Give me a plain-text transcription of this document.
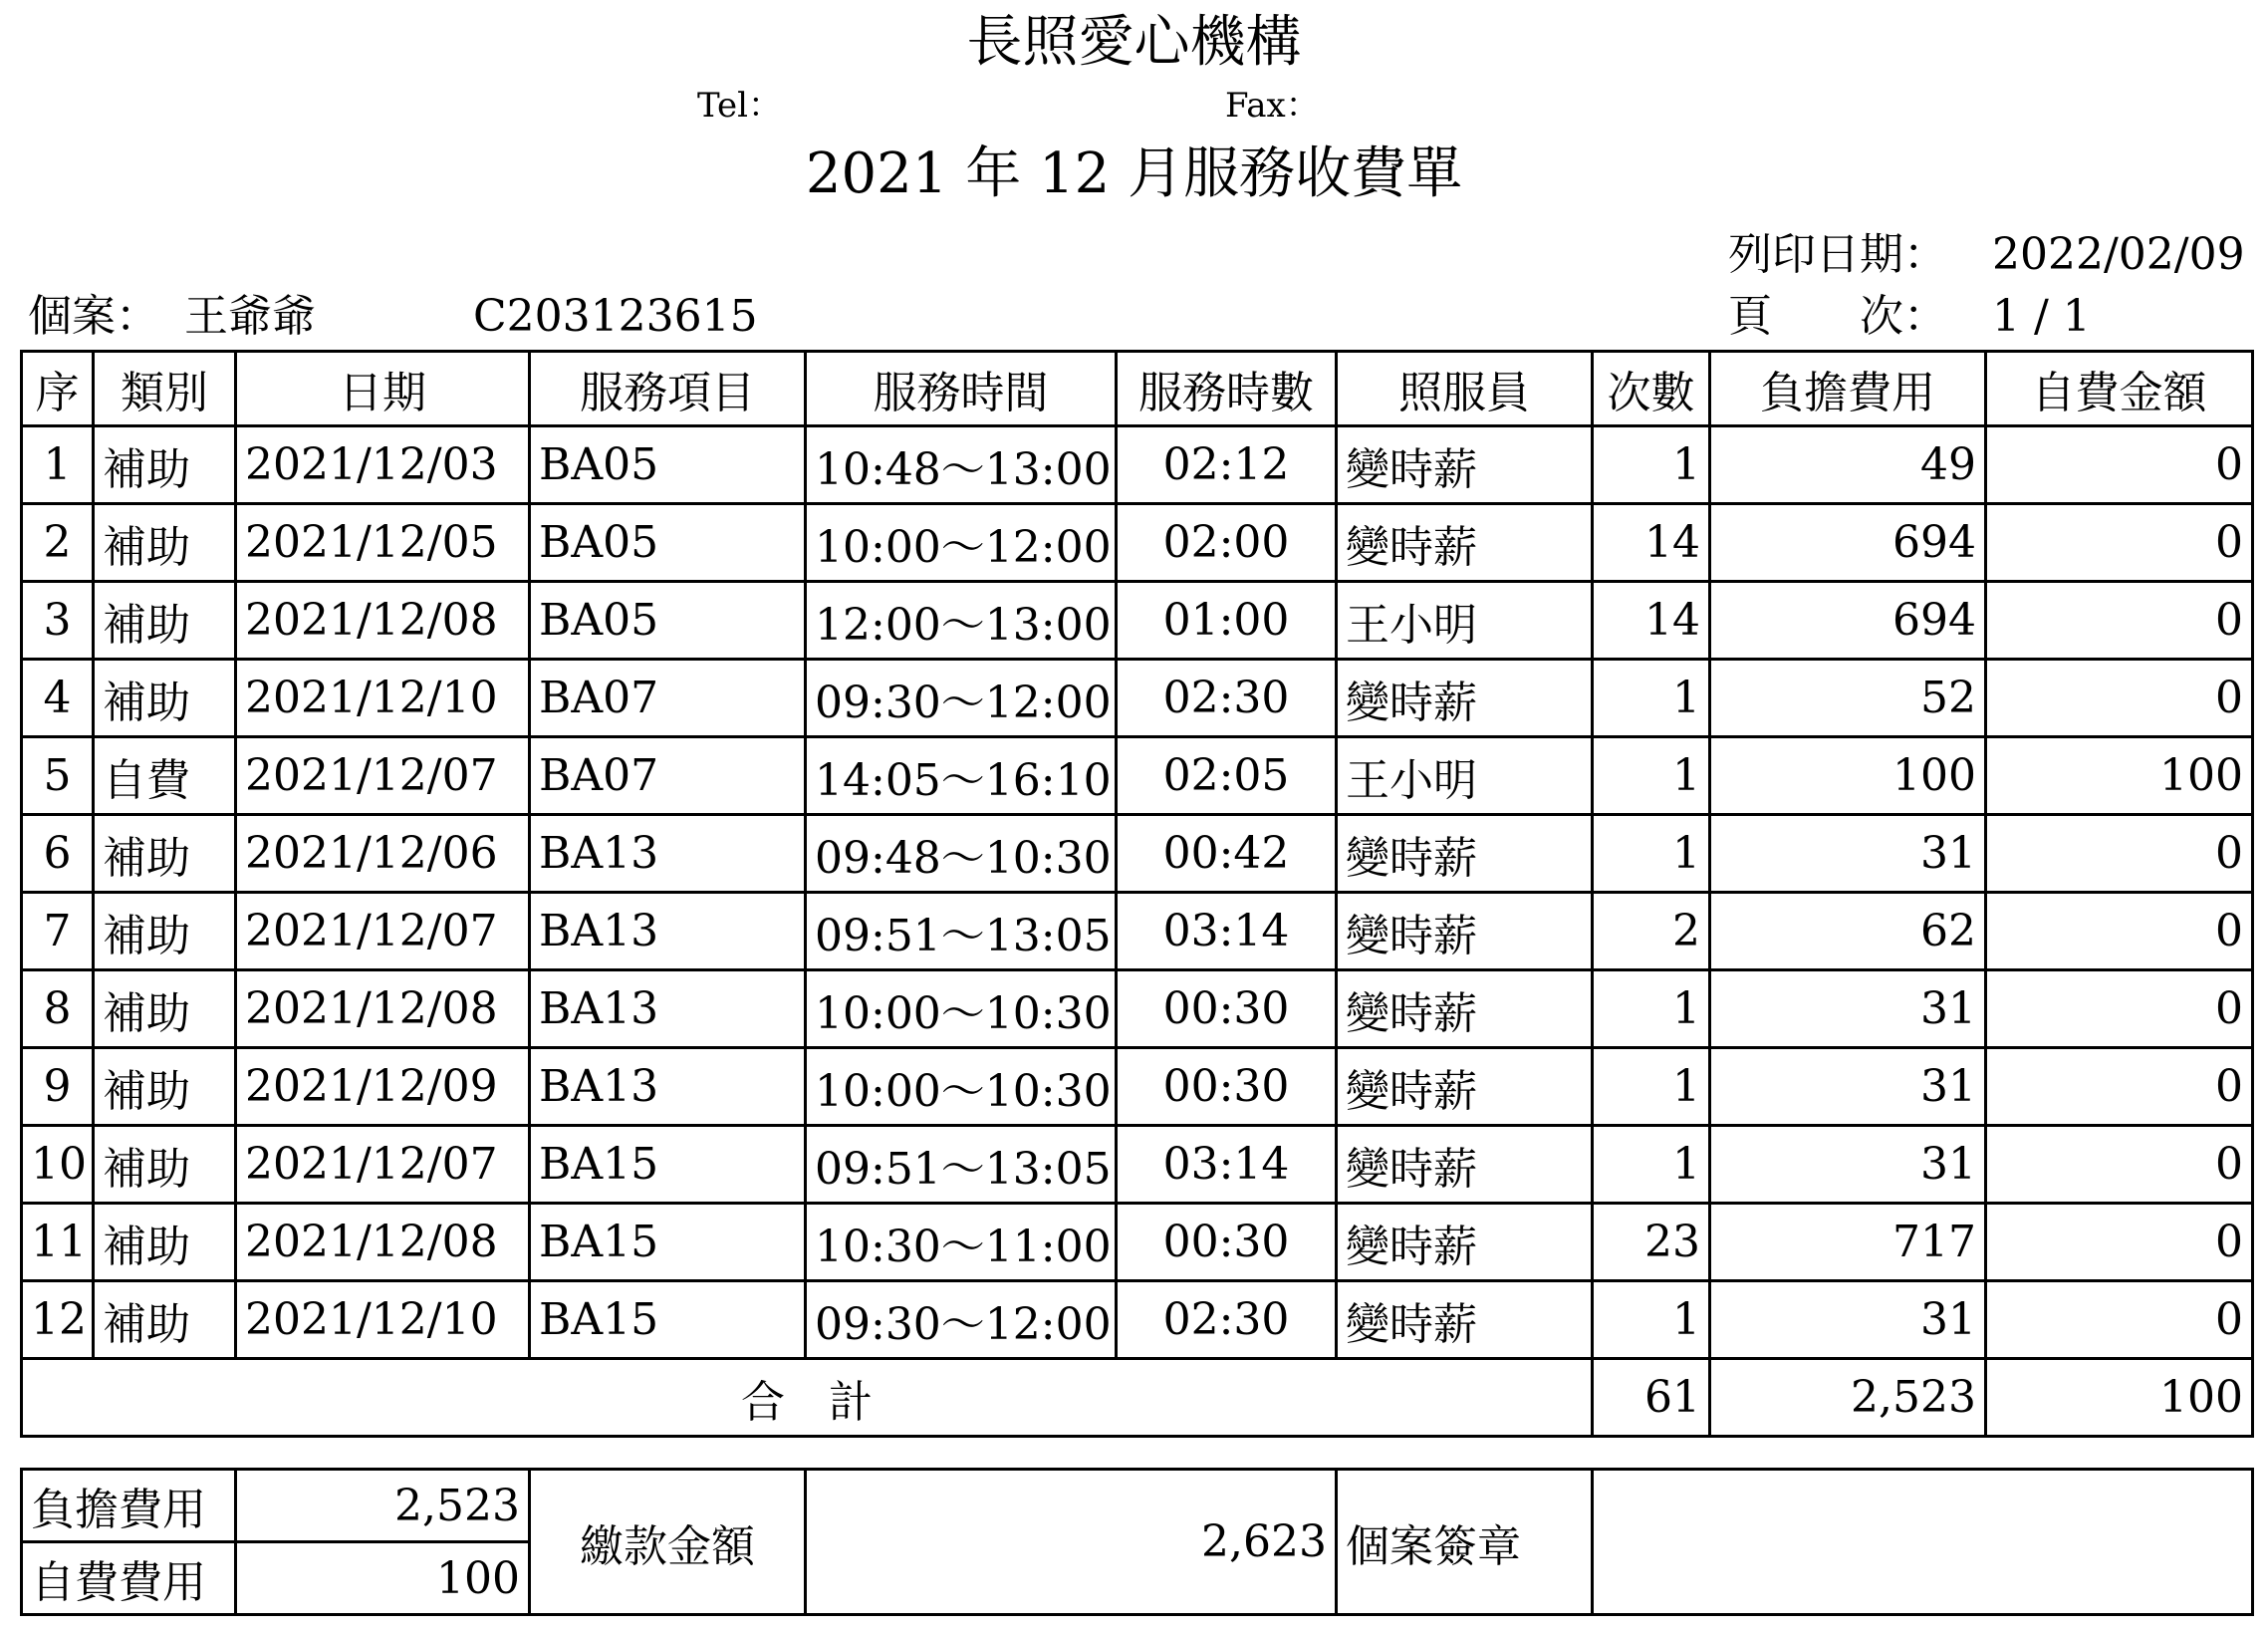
長照愛心機構
Tel：	Fax：
2021 年 12 月服務收費單
列印日期： 2022/02/09
頁　　次： 1 / 1
個案： 王爺爺	C203123615
序	類別	日期	服務項目	服務時間	服務時數	照服員	次數	負擔費用	自費金額
1	補助	2021/12/03	BA05	10:48～13:00	02:12	變時薪	1	49	0
2	補助	2021/12/05	BA05	10:00～12:00	02:00	變時薪	14	694	0
3	補助	2021/12/08	BA05	12:00～13:00	01:00	王小明	14	694	0
4	補助	2021/12/10	BA07	09:30～12:00	02:30	變時薪	1	52	0
5	自費	2021/12/07	BA07	14:05～16:10	02:05	王小明	1	100	100
6	補助	2021/12/06	BA13	09:48～10:30	00:42	變時薪	1	31	0
7	補助	2021/12/07	BA13	09:51～13:05	03:14	變時薪	2	62	0
8	補助	2021/12/08	BA13	10:00～10:30	00:30	變時薪	1	31	0
9	補助	2021/12/09	BA13	10:00～10:30	00:30	變時薪	1	31	0
10	補助	2021/12/07	BA15	09:51～13:05	03:14	變時薪	1	31	0
11	補助	2021/12/08	BA15	10:30～11:00	00:30	變時薪	23	717	0
12	補助	2021/12/10	BA15	09:30～12:00	02:30	變時薪	1	31	0
合　計							61	2,523	100
負擔費用	2,523	繳款金額	2,623	個案簽章	
自費費用	100				
